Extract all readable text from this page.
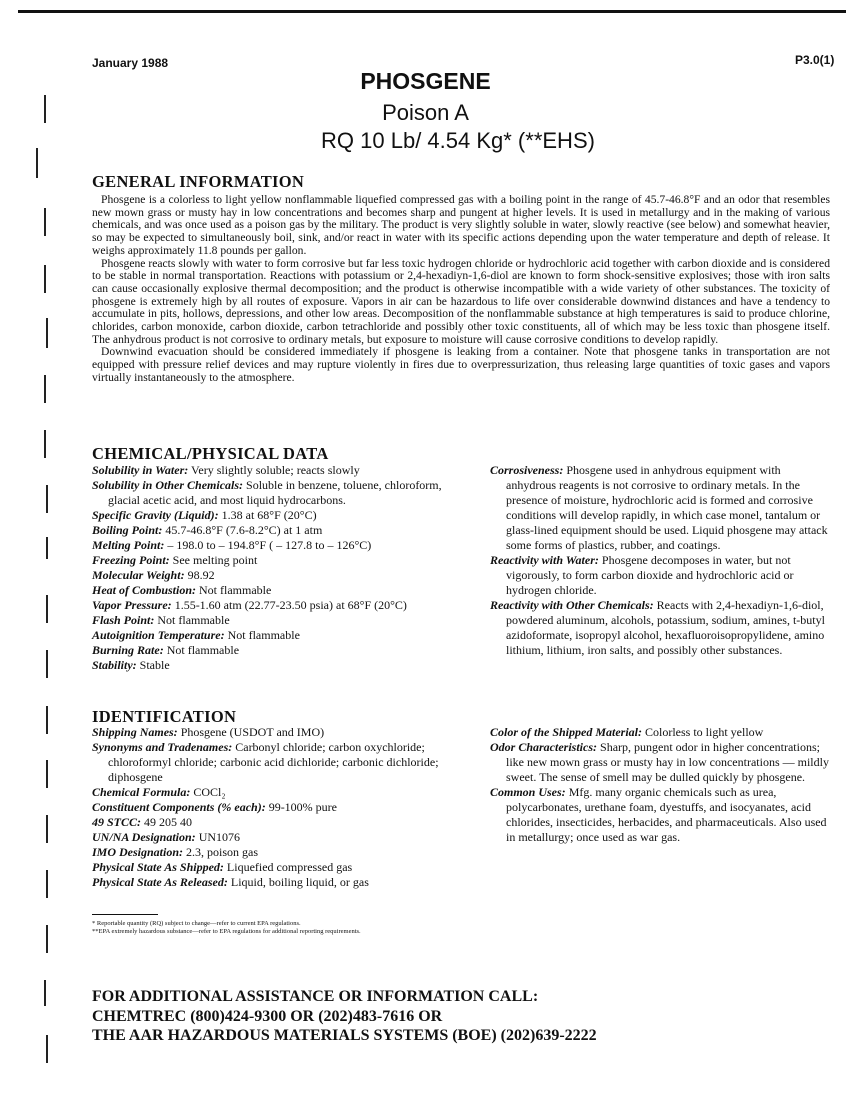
January 1988	P3.0(1)
PHOSGENE
Poison A
RQ 10 Lb/ 4.54 Kg* (**EHS)
GENERAL INFORMATION

Phosgene is a colorless to light yellow nonflammable liquefied compressed gas with a boiling point in the range of 45.7-46.8°F and an odor that resembles new mown grass or musty hay in low concentrations and becomes sharp and pungent at higher levels. It is used in metallurgy and in the making of various chemicals, and was once used as a poison gas by the military. The product is very slightly soluble in water, slowly reactive (see below) and somewhat heavier, so may be expected to simultaneously boil, sink, and/or react in water with its specific actions depending upon the water temperature and depth of release. It weighs approximately 11.8 pounds per gallon.

Phosgene reacts slowly with water to form corrosive but far less toxic hydrogen chloride or hydrochloric acid together with carbon dioxide and is considered to be stable in normal transportation. Reactions with potassium or 2,4-hexadiyn-1,6-diol are known to form shock-sensitive explosives; those with iron salts can cause occasionally explosive thermal decomposition; and the product is otherwise incompatible with a wide variety of other substances. The toxicity of phosgene is extremely high by all routes of exposure. Vapors in air can be hazardous to life over considerable downwind distances and have a tendency to accumulate in pits, hollows, depressions, and other low areas. Decomposition of the nonflammable substance at high temperatures is said to produce chlorine, chlorides, carbon monoxide, carbon dioxide, carbon tetrachloride and possibly other toxic constituents, all of which may be less toxic than phosgene itself. The anhydrous product is not corrosive to ordinary metals, but exposure to moisture will cause corrosive conditions to develop rapidly.

Downwind evacuation should be considered immediately if phosgene is leaking from a container. Note that phosgene tanks in transportation are not equipped with pressure relief devices and may rupture violently in fires due to overpressurization, thus releasing large quantities of toxic gases and vapors virtually instantaneously to the atmosphere.

CHEMICAL/PHYSICAL DATA

Solubility in Water: Very slightly soluble; reacts slowly

Solubility in Other Chemicals: Soluble in benzene, toluene, chloroform, glacial acetic acid, and most liquid hydrocarbons.

Specific Gravity (Liquid): 1.38 at 68°F (20°C)

Boiling Point: 45.7-46.8°F (7.6-8.2°C) at 1 atm

Melting Point: – 198.0 to – 194.8°F ( – 127.8 to – 126°C)

Freezing Point: See melting point

Molecular Weight: 98.92

Heat of Combustion: Not flammable

Vapor Pressure: 1.55-1.60 atm (22.77-23.50 psia) at 68°F (20°C)

Flash Point: Not flammable

Autoignition Temperature: Not flammable

Burning Rate: Not flammable

Stability: Stable

Corrosiveness: Phosgene used in anhydrous equipment with anhydrous reagents is not corrosive to ordinary metals. In the presence of moisture, hydrochloric acid is formed and corrosive conditions will develop rapidly, in which case monel, tantalum or glass-lined equipment should be used. Liquid phosgene may attack some forms of plastics, rubber, and coatings.

Reactivity with Water: Phosgene decomposes in water, but not vigorously, to form carbon dioxide and hydrochloric acid or hydrogen chloride.

Reactivity with Other Chemicals: Reacts with 2,4-hexadiyn-1,6-diol, powdered aluminum, alcohols, potassium, sodium, amines, t-butyl azidoformate, isopropyl alcohol, hexafluoroisopropylidene, amino lithium, lithium, iron salts, and possibly other substances.

IDENTIFICATION

Shipping Names: Phosgene (USDOT and IMO)

Synonyms and Tradenames: Carbonyl chloride; carbon oxychloride; chloroformyl chloride; carbonic acid dichloride; carbonic dichloride; diphosgene

Chemical Formula: COCl₂

Constituent Components (% each): 99-100% pure

49 STCC: 49 205 40

UN/NA Designation: UN1076

IMO Designation: 2.3, poison gas

Physical State As Shipped: Liquefied compressed gas

Physical State As Released: Liquid, boiling liquid, or gas

Color of the Shipped Material: Colorless to light yellow

Odor Characteristics: Sharp, pungent odor in higher concentrations; like new mown grass or musty hay in low concentrations — mildly sweet. The sense of smell may be dulled quickly by phosgene.

Common Uses: Mfg. many organic chemicals such as urea, polycarbonates, urethane foam, dyestuffs, and isocyanates, acid chlorides, insecticides, herbacides, and pharmaceuticals. Also used in metallurgy; once used as war gas.

* Reportable quantity (RQ) subject to change—refer to current EPA regulations.
**EPA extremely hazardous substance—refer to EPA regulations for additional reporting requirements.
FOR ADDITIONAL ASSISTANCE OR INFORMATION CALL:
CHEMTREC (800)424-9300 OR (202)483-7616 OR
THE AAR HAZARDOUS MATERIALS SYSTEMS (BOE) (202)639-2222
